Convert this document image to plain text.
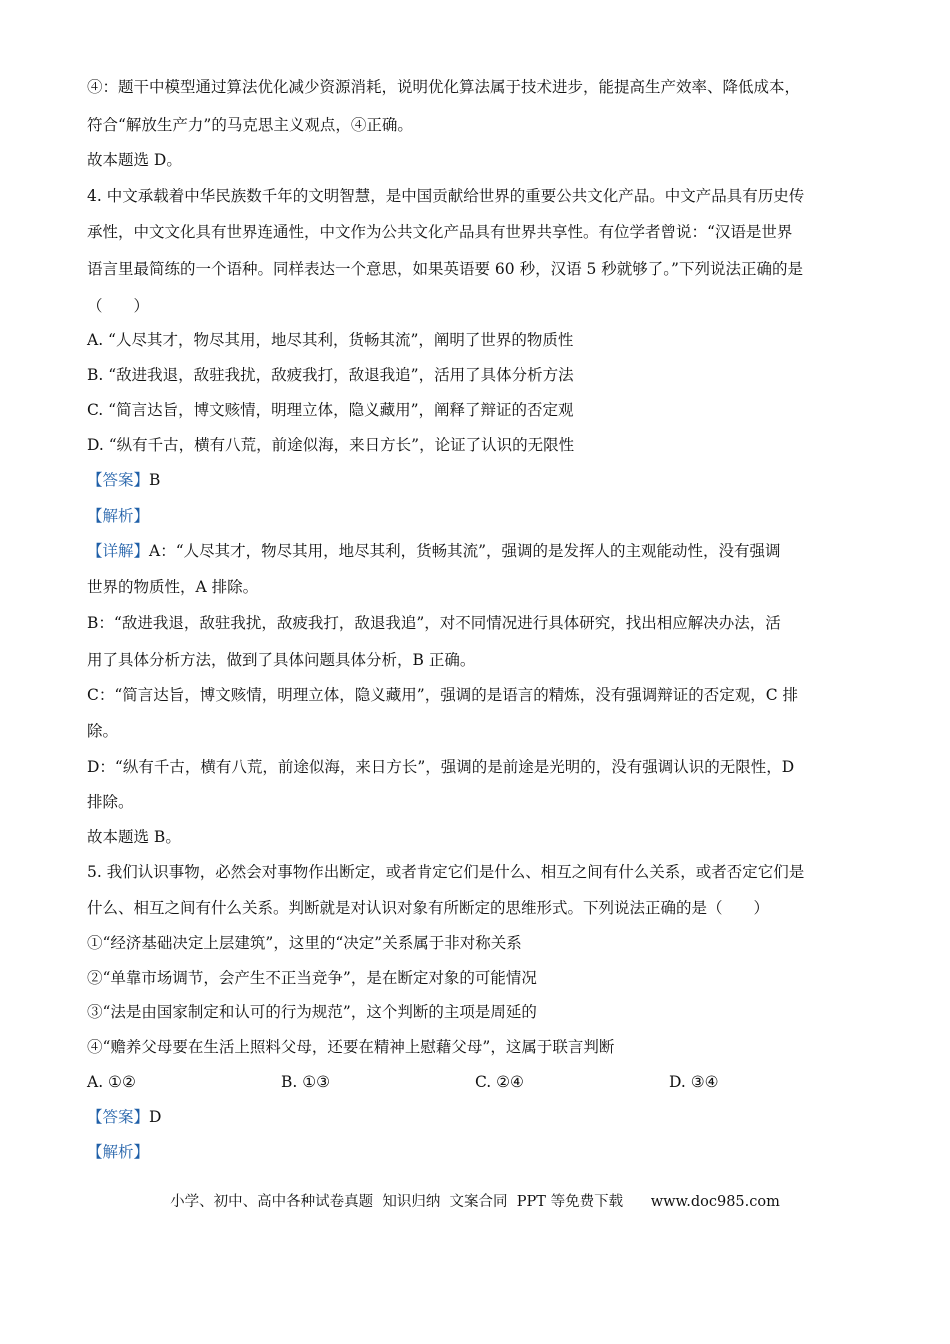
④：题干中模型通过算法优化减少资源消耗，说明优化算法属于技术进步，能提高生产效率、降低成本，
符合“解放生产力”的马克思主义观点，④正确。
故本题选 D。
4. 中文承载着中华民族数千年的文明智慧，是中国贡献给世界的重要公共文化产品。中文产品具有历史传
承性，中文文化具有世界连通性，中文作为公共文化产品具有世界共享性。有位学者曾说：“汉语是世界
语言里最简练的一个语种。同样表达一个意思，如果英语要 60 秒，汉语 5 秒就够了。”下列说法正确的是
（　　）
A. “人尽其才，物尽其用，地尽其利，货畅其流”，阐明了世界的物质性
B. “敌进我退，敌驻我扰，敌疲我打，敌退我追”，活用了具体分析方法
C. “简言达旨，博文赅情，明理立体，隐义藏用”，阐释了辩证的否定观
D. “纵有千古，横有八荒，前途似海，来日方长”，论证了认识的无限性
【答案】B
【解析】
【详解】A：“人尽其才，物尽其用，地尽其利，货畅其流”，强调的是发挥人的主观能动性，没有强调
世界的物质性，A 排除。
B：“敌进我退，敌驻我扰，敌疲我打，敌退我追”，对不同情况进行具体研究，找出相应解决办法，活
用了具体分析方法，做到了具体问题具体分析，B 正确。
C：“简言达旨，博文赅情，明理立体，隐义藏用”，强调的是语言的精炼，没有强调辩证的否定观，C 排
除。
D：“纵有千古，横有八荒，前途似海，来日方长”，强调的是前途是光明的，没有强调认识的无限性，D
排除。
故本题选 B。
5. 我们认识事物，必然会对事物作出断定，或者肯定它们是什么、相互之间有什么关系，或者否定它们是
什么、相互之间有什么关系。判断就是对认识对象有所断定的思维形式。下列说法正确的是（　　）
①“经济基础决定上层建筑”，这里的“决定”关系属于非对称关系
②“单靠市场调节，会产生不正当竞争”，是在断定对象的可能情况
③“法是由国家制定和认可的行为规范”，这个判断的主项是周延的
④“赡养父母要在生活上照料父母，还要在精神上慰藉父母”，这属于联言判断
A. ①②	B. ①③	C. ②④	D. ③④
【答案】D
【解析】
小学、初中、高中各种试卷真题  知识归纳  文案合同  PPT 等免费下载      www.doc985.com
